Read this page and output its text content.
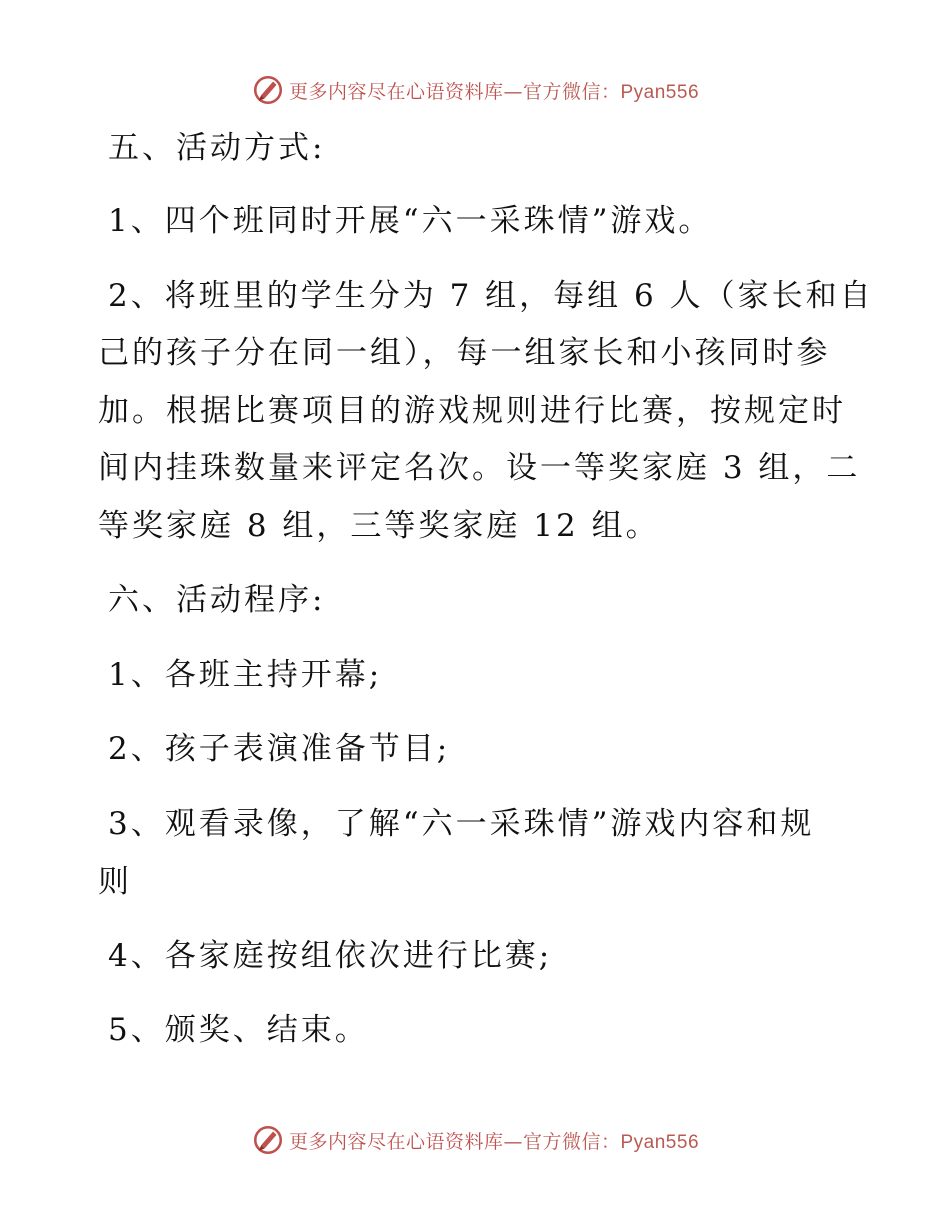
更多内容尽在心语资料库—官方微信：Pyan556
五、活动方式:
1、四个班同时开展“六一采珠情”游戏。
2、将班里的学生分为 7 组，每组 6 人（家长和自
己的孩子分在同一组），每一组家长和小孩同时参
加。根据比赛项目的游戏规则进行比赛，按规定时
间内挂珠数量来评定名次。设一等奖家庭 3 组，二
等奖家庭 8 组，三等奖家庭 12 组。
六、活动程序:
1、各班主持开幕;
2、孩子表演准备节目;
3、观看录像，了解“六一采珠情”游戏内容和规
则
4、各家庭按组依次进行比赛;
5、颁奖、结束。
更多内容尽在心语资料库—官方微信：Pyan556
